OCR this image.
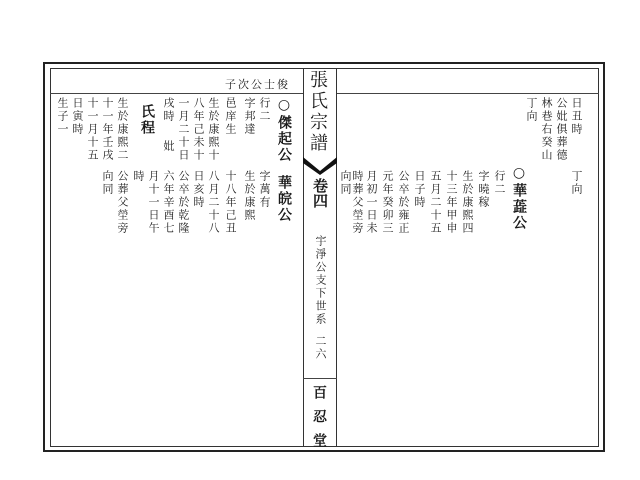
張氏宗譜
卷四
宇淨公支下世系
二六
百忍堂
俊士公次子
○傑起公
行二
字邦達
邑庠生
生於康熙十
八年己未十
一月二十日
戌時
妣
氏程
生於康熙二
十一年壬戌
十一月十五
日寅時
生子一
華皖公
字萬有
生於康熙
十八年己丑
八月二十八
日亥時
公卒於乾隆
六年辛酉七
月十一日午
時
公葬父塋旁
向同
日丑時
公妣俱葬德
林巷右癸山
丁向
丁向
○華蕋公
行二
字曉稼
生於康熙四
十三年甲申
五月二十五
日子時
公卒於雍正
元年癸卯三
月初一日未
時葬父塋旁
向同
